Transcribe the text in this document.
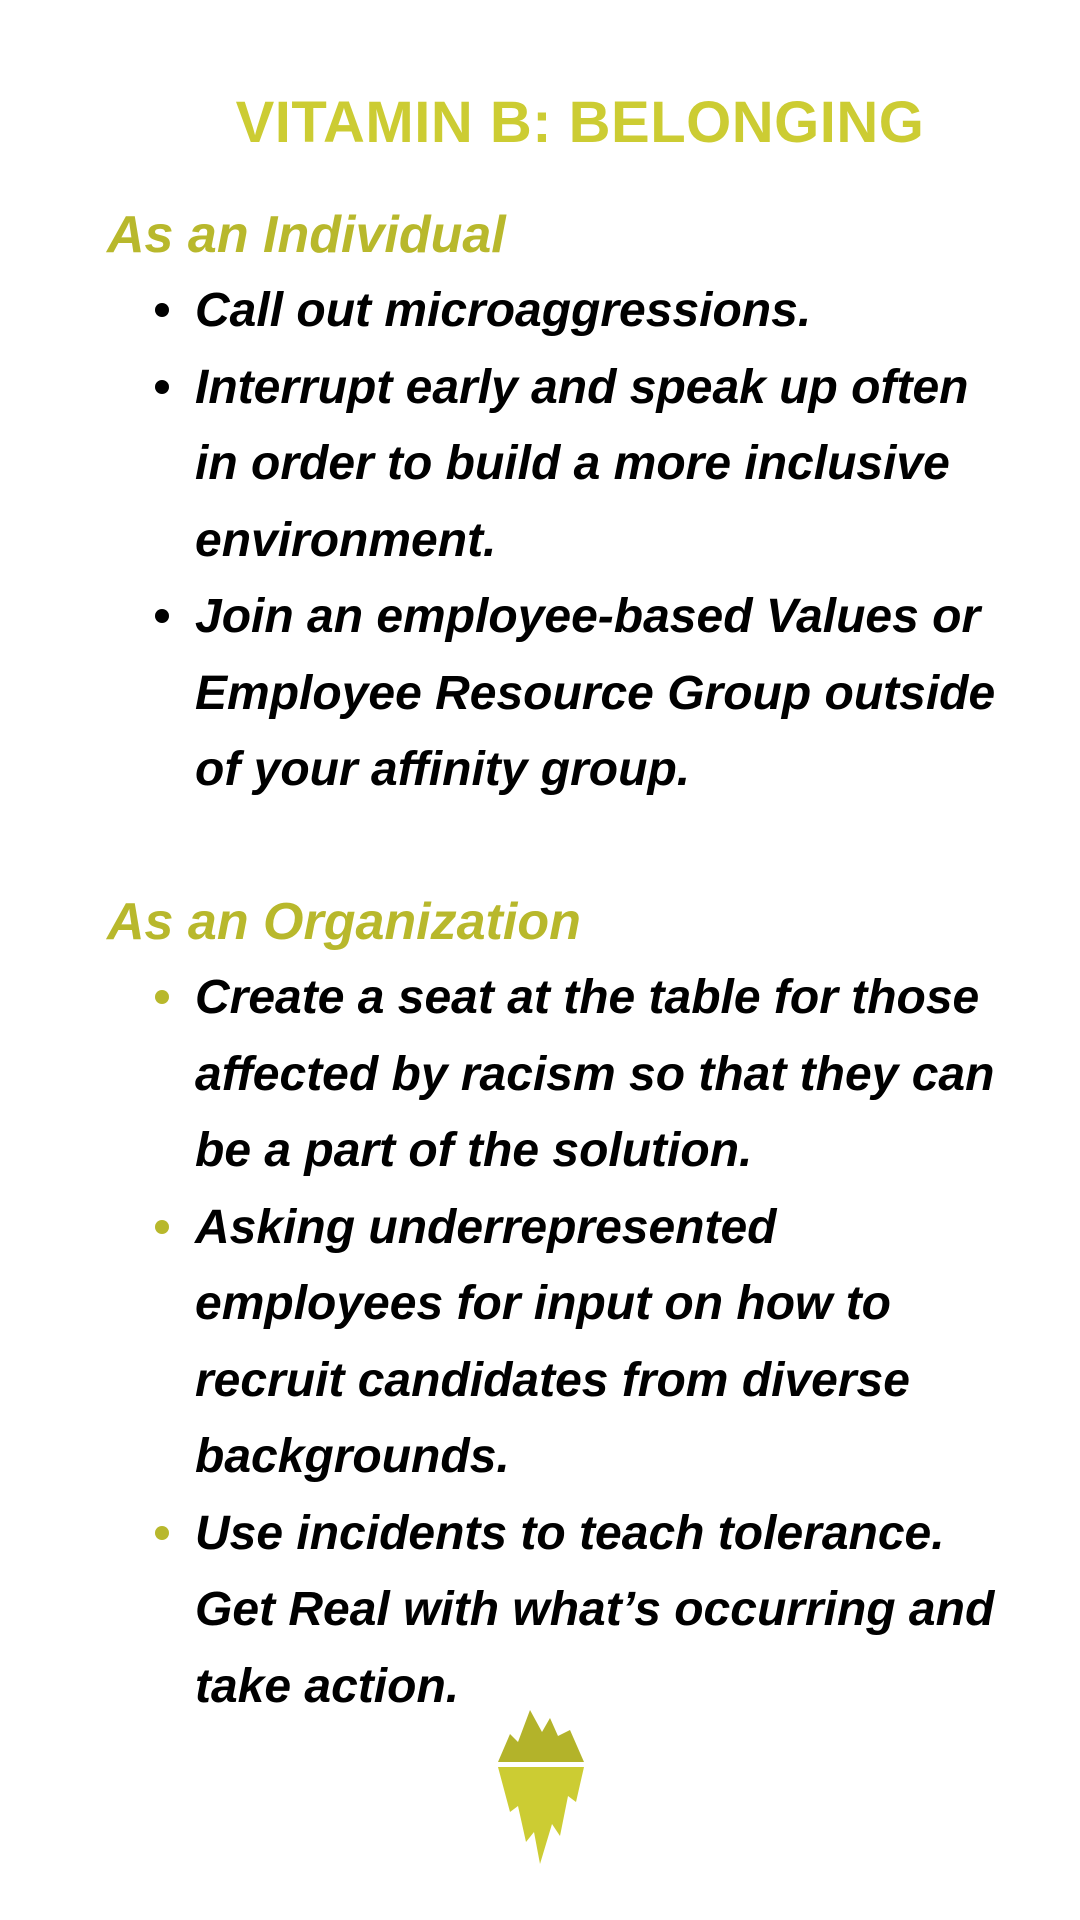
VITAMIN B: BELONGING
As an Individual
Call out microaggressions.
Interrupt early and speak up often in order to build a more inclusive environment.
Join an employee-based Values or Employee Resource Group outside of your affinity group.
As an Organization
Create a seat at the table for those affected by racism so that they can be a part of the solution.
Asking underrepresented employees for input on how to recruit candidates from diverse backgrounds.
Use incidents to teach tolerance. Get Real with what’s occurring and take action.
